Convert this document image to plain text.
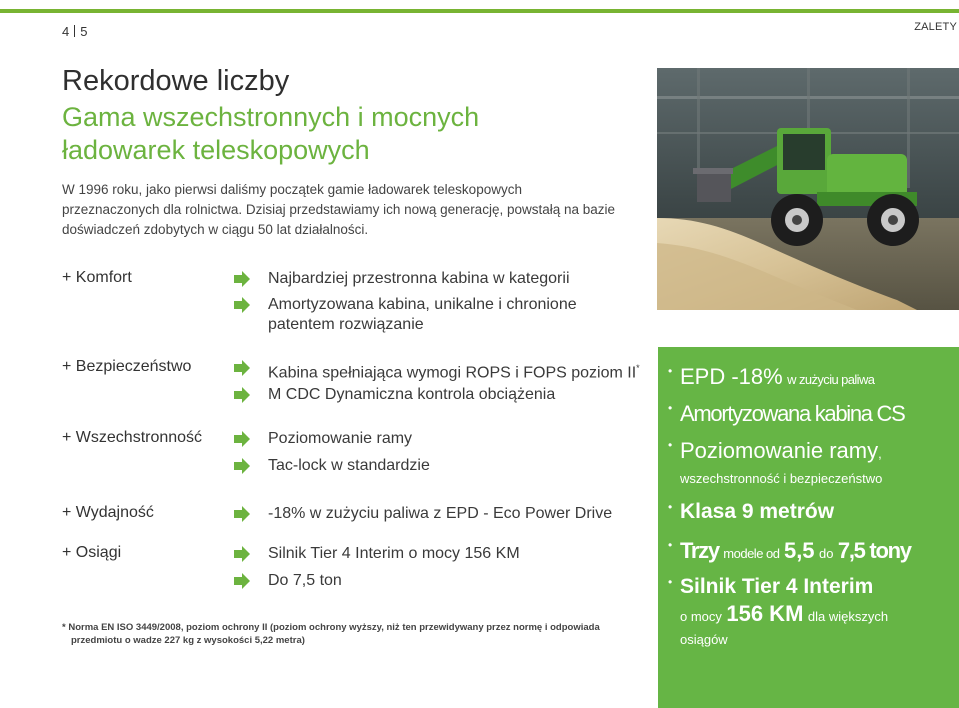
4 5	ZALETY
Rekordowe liczby
Gama wszechstronnych i mocnych ładowarek teleskopowych

W 1996 roku, jako pierwsi daliśmy początek gamie ładowarek teleskopowych przeznaczonych dla rolnictwa. Dzisiaj przedstawiamy ich nową generację, powstałą na bazie doświadczeń zdobytych w ciągu 50 lat działalności.

+ Komfort	Najbardziej przestronna kabina w kategorii
Amortyzowana kabina, unikalne i chronione patentem rozwiązanie
+ Bezpieczeństwo	Kabina spełniająca wymogi ROPS i FOPS poziom II*
M CDC Dynamiczna kontrola obciążenia
+ Wszechstronność	Poziomowanie ramy
Tac-lock w standardzie
+ Wydajność	-18% w zużyciu paliwa z EPD - Eco Power Drive
+ Osiągi	Silnik Tier 4 Interim o mocy 156 KM
Do 7,5 ton
* Norma EN ISO 3449/2008, poziom ochrony II (poziom ochrony wyższy, niż ten przewidywany przez normę i odpowiada
przedmiotu o wadze 227 kg z wysokości 5,22 metra)
• EPD -18% w zużyciu paliwa
• Amortyzowana kabina CS
• Poziomowanie ramy,
wszechstronność i bezpieczeństwo
• Klasa 9 metrów
• Trzy modele od 5,5 do 7,5 tony
• Silnik Tier 4 Interim
o mocy 156 KM dla większych
osiągów
